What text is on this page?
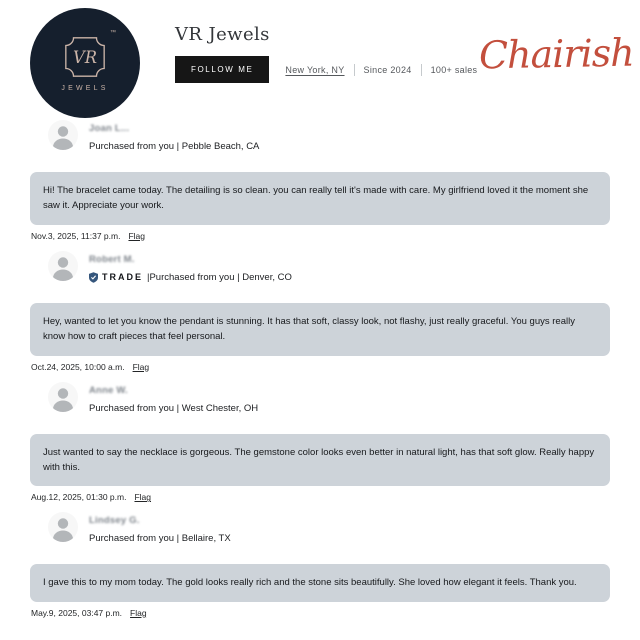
VR
™
JEWELS
VR Jewels
FOLLOW ME	New York, NY Since 2024 100+ sales Chairish
Joan L...
Purchased from you | Pebble Beach, CA
Hi! The bracelet came today. The detailing is so clean. you can really tell it's made with care. My girlfriend loved it the moment she saw it. Appreciate your work.
Nov.3, 2025, 11:37 p.m. Flag
Robert M.
TRADE |Purchased from you | Denver, CO
Hey, wanted to let you know the pendant is stunning. It has that soft, classy look, not flashy, just really graceful. You guys really know how to craft pieces that feel personal.
Oct.24, 2025, 10:00 a.m. Flag
Anne W.
Purchased from you | West Chester, OH
Just wanted to say the necklace is gorgeous. The gemstone color looks even better in natural light, has that soft glow. Really happy with this.
Aug.12, 2025, 01:30 p.m. Flag
Lindsey G.
Purchased from you | Bellaire, TX
I gave this to my mom today. The gold looks really rich and the stone sits beautifully. She loved how elegant it feels. Thank you.
May.9, 2025, 03:47 p.m. Flag
